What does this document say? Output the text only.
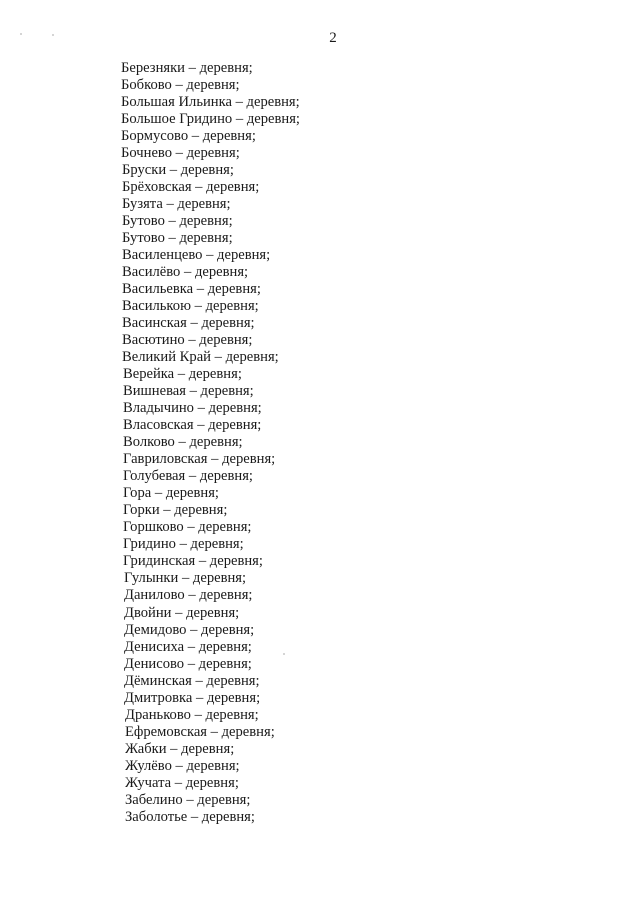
2
Березняки – деревня;
Бобково – деревня;
Большая Ильинка – деревня;
Большое Гридино – деревня;
Бормусово – деревня;
Бочнево – деревня;
Бруски – деревня;
Брёховская – деревня;
Бузята – деревня;
Бутово – деревня;
Бутово – деревня;
Василенцево – деревня;
Василёво – деревня;
Васильевка – деревня;
Василькою – деревня;
Васинская – деревня;
Васютино – деревня;
Великий Край – деревня;
Верейка – деревня;
Вишневая – деревня;
Владычино – деревня;
Власовская – деревня;
Волково – деревня;
Гавриловская – деревня;
Голубевая – деревня;
Гора – деревня;
Горки – деревня;
Горшково – деревня;
Гридино – деревня;
Гридинская – деревня;
Гулынки – деревня;
Данилово – деревня;
Двойни – деревня;
Демидово – деревня;
Денисиха – деревня;
Денисово – деревня;
Дёминская – деревня;
Дмитровка – деревня;
Драньково – деревня;
Ефремовская – деревня;
Жабки – деревня;
Жулёво – деревня;
Жучата – деревня;
Забелино – деревня;
Заболотье – деревня;
